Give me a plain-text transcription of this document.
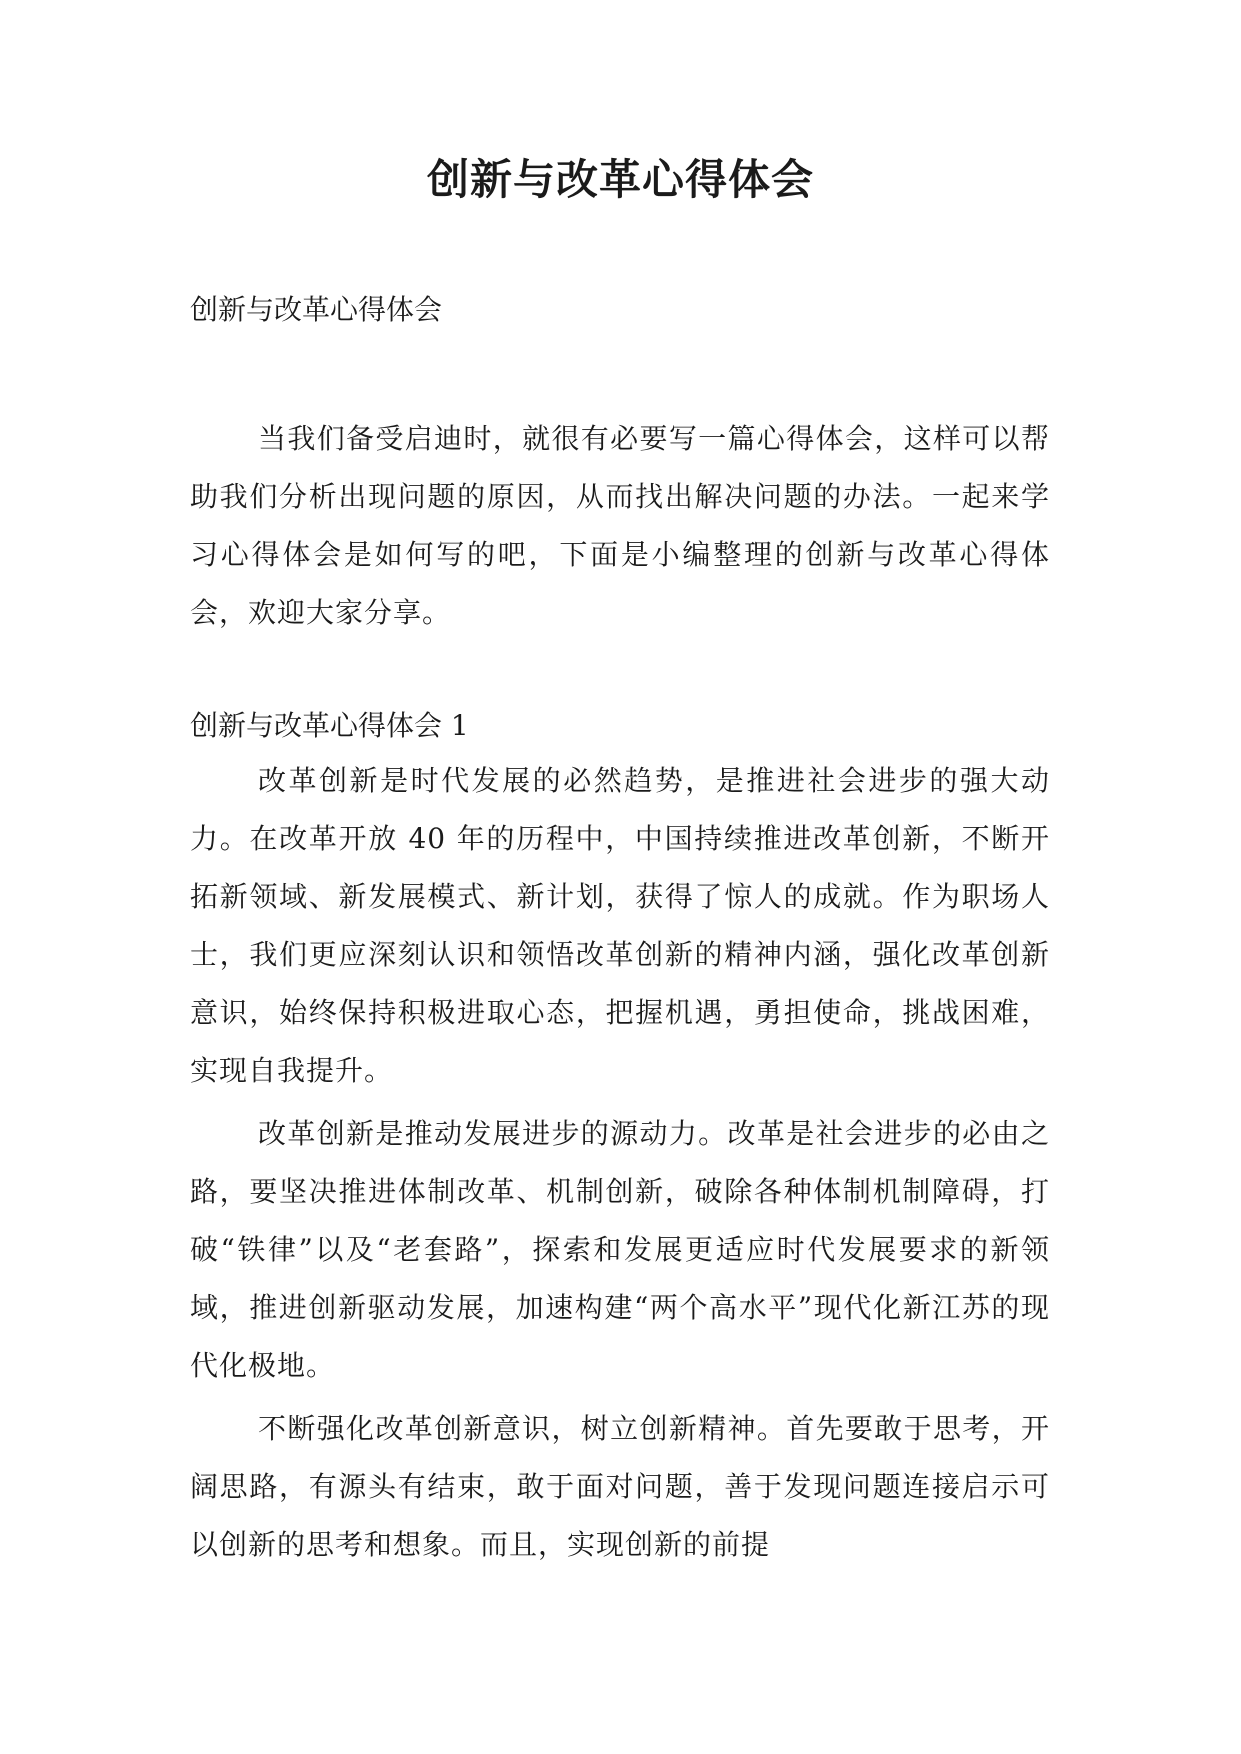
创新与改革心得体会

创新与改革心得体会

当我们备受启迪时，就很有必要写一篇心得体会，这样可以帮助我们分析出现问题的原因，从而找出解决问题的办法。一起来学习心得体会是如何写的吧，下面是小编整理的创新与改革心得体会，欢迎大家分享。

创新与改革心得体会 1

改革创新是时代发展的必然趋势，是推进社会进步的强大动力。在改革开放 40 年的历程中，中国持续推进改革创新，不断开拓新领域、新发展模式、新计划，获得了惊人的成就。作为职场人士，我们更应深刻认识和领悟改革创新的精神内涵，强化改革创新意识，始终保持积极进取心态，把握机遇，勇担使命，挑战困难，实现自我提升。

改革创新是推动发展进步的源动力。改革是社会进步的必由之路，要坚决推进体制改革、机制创新，破除各种体制机制障碍，打破“铁律”以及“老套路”，探索和发展更适应时代发展要求的新领域，推进创新驱动发展，加速构建“两个高水平”现代化新江苏的现代化极地。

不断强化改革创新意识，树立创新精神。首先要敢于思考，开阔思路，有源头有结束，敢于面对问题，善于发现问题连接启示可以创新的思考和想象。而且，实现创新的前提
